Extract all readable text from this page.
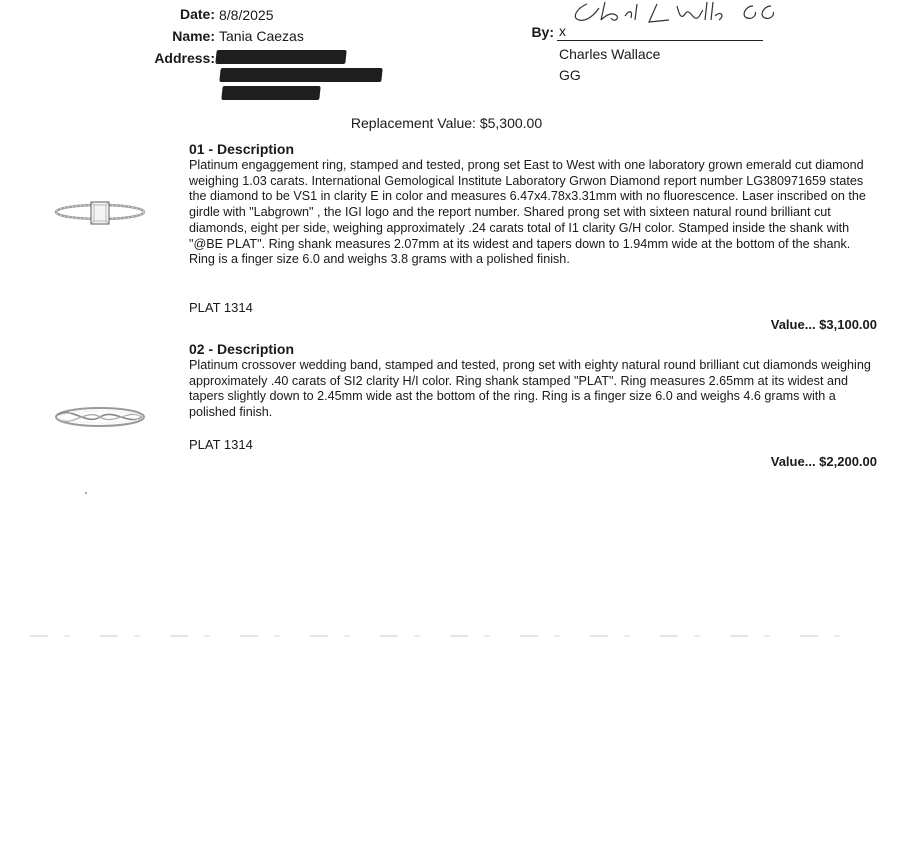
Date: 8/8/2025
Name: Tania Caezas
Address:
By: x
Charles Wallace
GG
Replacement Value: $5,300.00
01 - Description
Platinum engaggement ring, stamped and tested, prong set East to West with one laboratory grown emerald cut diamond weighing 1.03 carats. International Gemological Institute Laboratory Grwon Diamond report number LG380971659 states the diamond to be VS1 in clarity E in color and measures 6.47x4.78x3.31mm with no fluorescence. Laser inscribed on the girdle with "Labgrown" , the IGI logo and the report number. Shared prong set with sixteen natural round brilliant cut diamonds, eight per side, weighing approximately .24 carats total of I1 clarity G/H color. Stamped inside the shank with "@BE PLAT". Ring shank measures 2.07mm at its widest and tapers down to 1.94mm wide at the bottom of the shank. Ring is a finger size 6.0 and weighs 3.8 grams with a polished finish.
PLAT 1314
Value... $3,100.00
02 - Description
Platinum crossover wedding band, stamped and tested, prong set with eighty natural round brilliant cut diamonds weighing approximately .40 carats of SI2 clarity H/I color. Ring shank stamped "PLAT". Ring measures 2.65mm at its widest and tapers slightly down to 2.45mm wide ast the bottom of the ring. Ring is a finger size 6.0 and weighs 4.6 grams with a polished finish.
PLAT 1314
Value... $2,200.00
